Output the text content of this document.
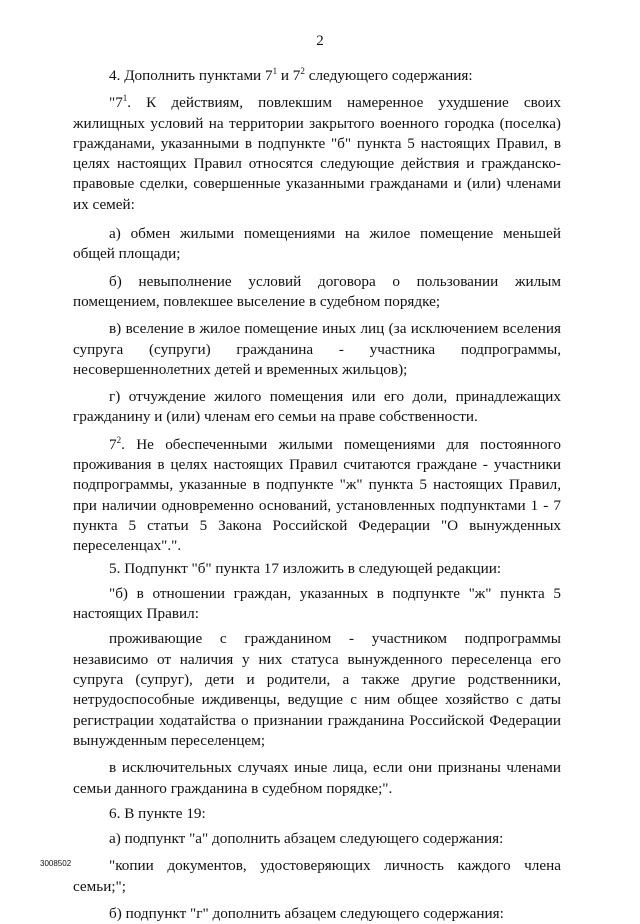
2

4. Дополнить пунктами $7^1$ и $7^2$ следующего содержания:

"$7^1$. К действиям, повлекшим намеренное ухудшение своих жилищных условий на территории закрытого военного городка (поселка) гражданами, указанными в подпункте "б" пункта 5 настоящих Правил, в целях настоящих Правил относятся следующие действия и гражданско-правовые сделки, совершенные указанными гражданами и (или) членами их семей:

а) обмен жилыми помещениями на жилое помещение меньшей общей площади;

б) невыполнение условий договора о пользовании жилым помещением, повлекшее выселение в судебном порядке;

в) вселение в жилое помещение иных лиц (за исключением вселения супруга (супруги) гражданина - участника подпрограммы, несовершеннолетних детей и временных жильцов);

г) отчуждение жилого помещения или его доли, принадлежащих гражданину и (или) членам его семьи на праве собственности.

$7^2$. Не обеспеченными жилыми помещениями для постоянного проживания в целях настоящих Правил считаются граждане - участники подпрограммы, указанные в подпункте "ж" пункта 5 настоящих Правил, при наличии одновременно оснований, установленных подпунктами 1 - 7 пункта 5 статьи 5 Закона Российской Федерации "О вынужденных переселенцах".".

5. Подпункт "б" пункта 17 изложить в следующей редакции:

"б) в отношении граждан, указанных в подпункте "ж" пункта 5 настоящих Правил:

проживающие с гражданином - участником подпрограммы независимо от наличия у них статуса вынужденного переселенца его супруга (супруг), дети и родители, а также другие родственники, нетрудоспособные иждивенцы, ведущие с ним общее хозяйство с даты регистрации ходатайства о признании гражданина Российской Федерации вынужденным переселенцем;

в исключительных случаях иные лица, если они признаны членами семьи данного гражданина в судебном порядке;".

6. В пункте 19:

а) подпункт "а" дополнить абзацем следующего содержания:

"копии документов, удостоверяющих личность каждого члена семьи;";

б) подпункт "г" дополнить абзацем следующего содержания:

3008502
